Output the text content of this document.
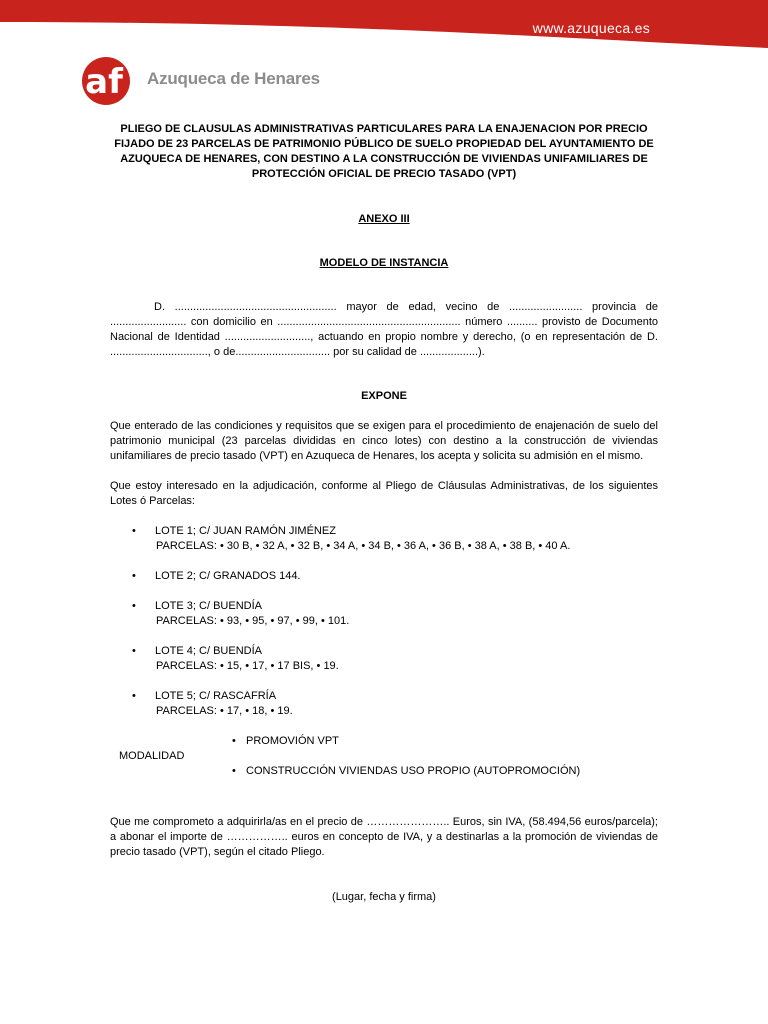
www.azuqueca.es
af Azuqueca de Henares

PLIEGO DE CLAUSULAS ADMINISTRATIVAS PARTICULARES PARA LA ENAJENACION POR PRECIO FIJADO DE 23 PARCELAS DE PATRIMONIO PÚBLICO DE SUELO PROPIEDAD DEL AYUNTAMIENTO DE AZUQUECA DE HENARES, CON DESTINO A LA CONSTRUCCIÓN DE VIVIENDAS UNIFAMILIARES DE PROTECCIÓN OFICIAL DE PRECIO TASADO (VPT)

ANEXO III

MODELO DE INSTANCIA

D. ..................................................... mayor de edad, vecino de ........................ provincia de ......................... con domicilio en ............................................................ número .......... provisto de Documento Nacional de Identidad ............................, actuando en propio nombre y derecho, (o en representación de D. ................................, o de............................... por su calidad de ...................).

EXPONE

Que enterado de las condiciones y requisitos que se exigen para el procedimiento de enajenación de suelo del patrimonio municipal (23 parcelas divididas en cinco lotes) con destino a la construcción de viviendas unifamiliares de precio tasado (VPT) en Azuqueca de Henares, los acepta y solicita su admisión en el mismo.

Que estoy interesado en la adjudicación, conforme al Pliego de Cláusulas Administrativas, de los siguientes Lotes ó Parcelas:

• LOTE 1; C/ JUAN RAMÓN JIMÉNEZ
PARCELAS: • 30 B, • 32 A, • 32 B, • 34 A, • 34 B, • 36 A, • 36 B, • 38 A, • 38 B, • 40 A.
• LOTE 2; C/ GRANADOS 144.
• LOTE 3; C/ BUENDÍA
PARCELAS: • 93, • 95, • 97, • 99, • 101.
• LOTE 4; C/ BUENDÍA
PARCELAS: • 15, • 17, • 17 BIS, • 19.
• LOTE 5; C/ RASCAFRÍA
PARCELAS: • 17, • 18, • 19.
MODALIDAD
• PROMOVIÓN VPT
• CONSTRUCCIÓN VIVIENDAS USO PROPIO (AUTOPROMOCIÓN)

Que me comprometo a adquirirla/as en el precio de ………………….. Euros, sin IVA, (58.494,56 euros/parcela); a abonar el importe de …………….. euros en concepto de IVA, y a destinarlas a la promoción de viviendas de precio tasado (VPT), según el citado Pliego.

(Lugar, fecha y firma)
